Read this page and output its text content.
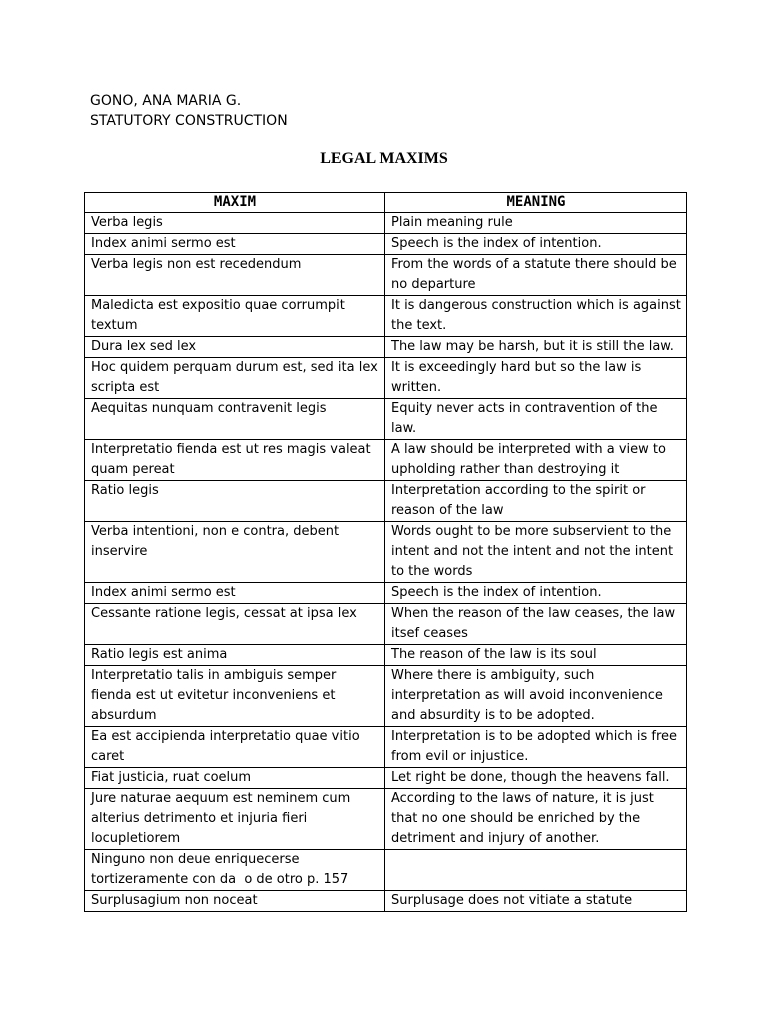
GONO, ANA MARIA G.
STATUTORY CONSTRUCTION
LEGAL MAXIMS
MAXIM	MEANING
Verba legis	Plain meaning rule
Index animi sermo est	Speech is the index of intention.
Verba legis non est recedendum	From the words of a statute there should be no departure
Maledicta est expositio quae corrumpit textum	It is dangerous construction which is against the text.
Dura lex sed lex	The law may be harsh, but it is still the law.
Hoc quidem perquam durum est, sed ita lex scripta est	It is exceedingly hard but so the law is written.
Aequitas nunquam contravenit legis	Equity never acts in contravention of the law.
Interpretatio fienda est ut res magis valeat quam pereat	A law should be interpreted with a view to upholding rather than destroying it
Ratio legis	Interpretation according to the spirit or reason of the law
Verba intentioni, non e contra, debent inservire	Words ought to be more subservient to the intent and not the intent and not the intent to the words
Index animi sermo est	Speech is the index of intention.
Cessante ratione legis, cessat at ipsa lex	When the reason of the law ceases, the law itsef ceases
Ratio legis est anima	The reason of the law is its soul
Interpretatio talis in ambiguis semper fienda est ut evitetur inconveniens et absurdum	Where there is ambiguity, such interpretation as will avoid inconvenience and absurdity is to be adopted.
Ea est accipienda interpretatio quae vitio caret	Interpretation is to be adopted which is free from evil or injustice.
Fiat justicia, ruat coelum	Let right be done, though the heavens fall.
Jure naturae aequum est neminem cum alterius detrimento et injuria fieri locupletiorem	According to the laws of nature, it is just that no one should be enriched by the detriment and injury of another.
Ninguno non deue enriquecerse tortizeramente con da  o de otro p. 157	
Surplusagium non noceat	Surplusage does not vitiate a statute
